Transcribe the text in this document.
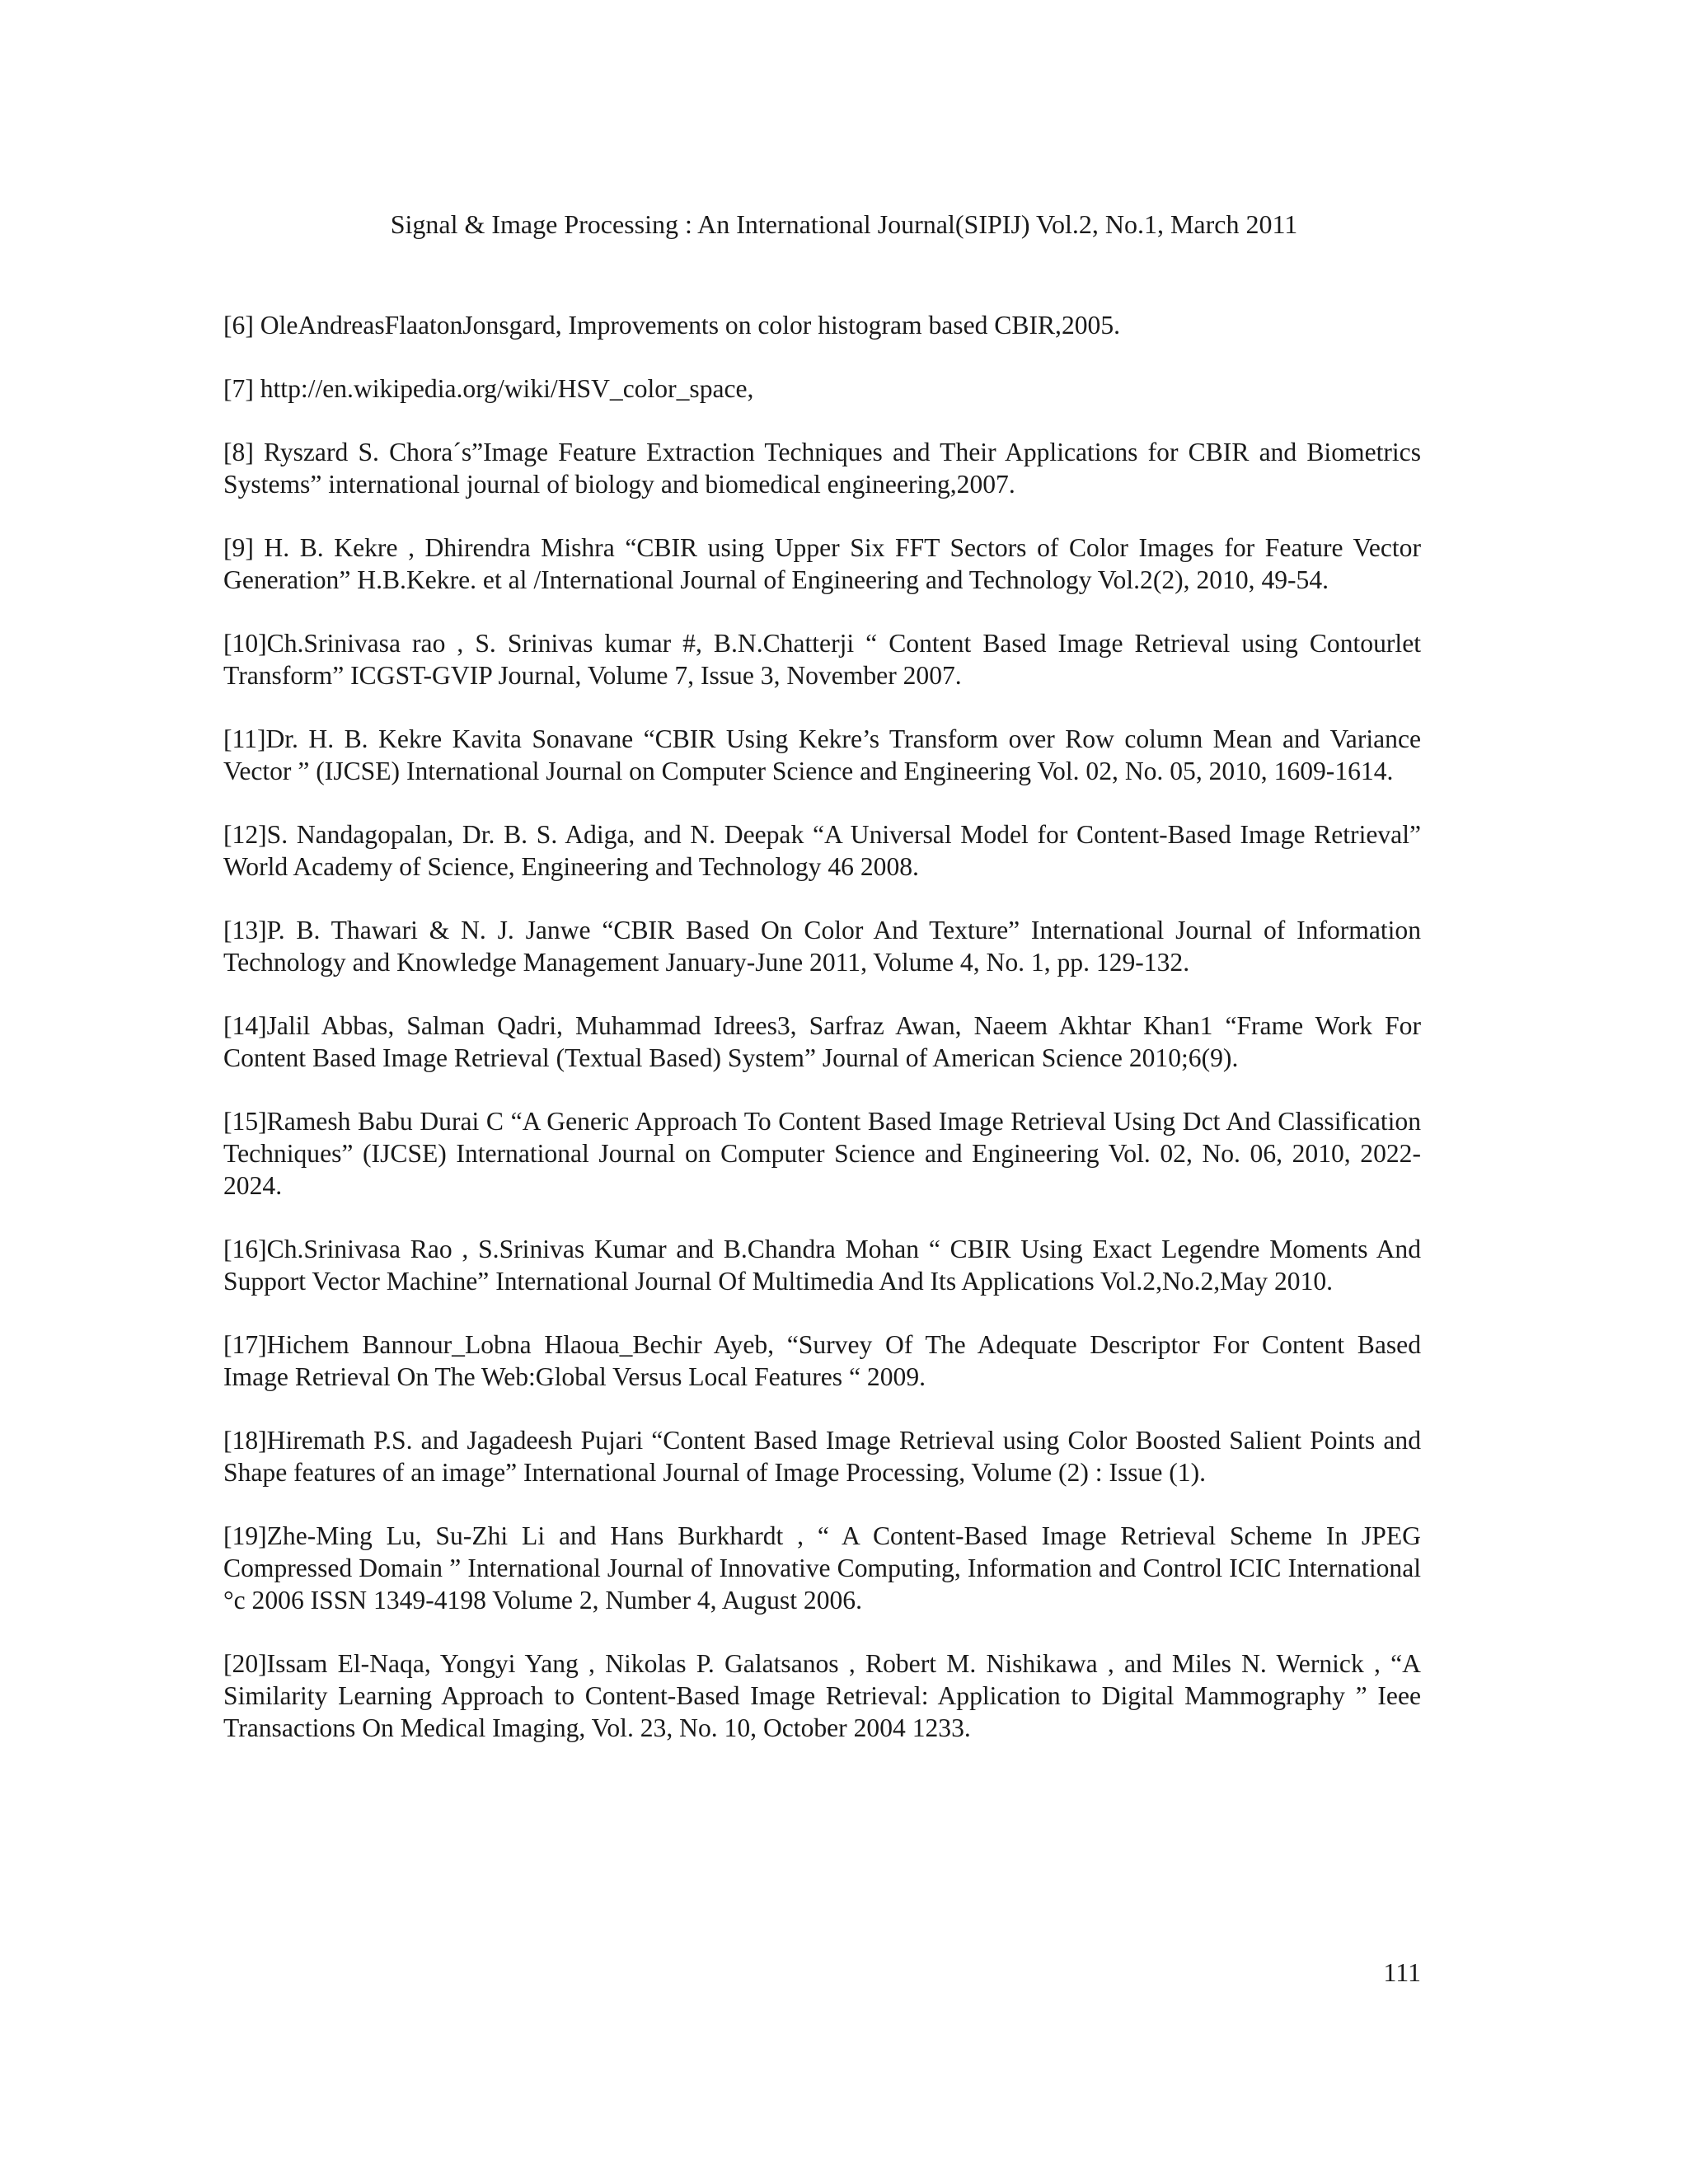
Signal & Image Processing : An International Journal(SIPIJ) Vol.2, No.1, March 2011

[6] OleAndreasFlaatonJonsgard, Improvements on color histogram based CBIR,2005.
[7] http://en.wikipedia.org/wiki/HSV_color_space,
[8] Ryszard S. Chora´s”Image Feature Extraction Techniques and Their Applications for CBIR and Biometrics Systems” international journal of biology and biomedical engineering,2007.
[9] H. B. Kekre , Dhirendra Mishra “CBIR using Upper Six FFT Sectors of Color Images for Feature Vector Generation” H.B.Kekre. et al /International Journal of Engineering and Technology Vol.2(2), 2010, 49-54.
[10]Ch.Srinivasa rao , S. Srinivas kumar #, B.N.Chatterji “ Content Based Image Retrieval using Contourlet Transform” ICGST-GVIP Journal, Volume 7, Issue 3, November 2007.
[11]Dr. H. B. Kekre Kavita Sonavane “CBIR Using Kekre’s Transform over Row column Mean and Variance Vector ” (IJCSE) International Journal on Computer Science and Engineering Vol. 02, No. 05, 2010, 1609-1614.
[12]S. Nandagopalan, Dr. B. S. Adiga, and N. Deepak “A Universal Model for Content-Based Image Retrieval” World Academy of Science, Engineering and Technology 46 2008.
[13]P. B. Thawari & N. J. Janwe “CBIR Based On Color And Texture” International Journal of Information Technology and Knowledge Management January-June 2011, Volume 4, No. 1, pp. 129-132.
[14]Jalil Abbas, Salman Qadri, Muhammad Idrees3, Sarfraz Awan, Naeem Akhtar Khan1 “Frame Work For Content Based Image Retrieval (Textual Based) System” Journal of American Science 2010;6(9).
[15]Ramesh Babu Durai C “A Generic Approach To Content Based Image Retrieval Using Dct And Classification Techniques” (IJCSE) International Journal on Computer Science and Engineering Vol. 02, No. 06, 2010, 2022-2024.
[16]Ch.Srinivasa Rao , S.Srinivas Kumar and B.Chandra Mohan “ CBIR Using Exact Legendre Moments And Support Vector Machine” International Journal Of Multimedia And Its Applications Vol.2,No.2,May 2010.
[17]Hichem Bannour_Lobna Hlaoua_Bechir Ayeb, “Survey Of The Adequate Descriptor For Content Based Image Retrieval On The Web:Global Versus Local Features “ 2009.
[18]Hiremath P.S. and Jagadeesh Pujari “Content Based Image Retrieval using Color Boosted Salient Points and Shape features of an image” International Journal of Image Processing, Volume (2) : Issue (1).
[19]Zhe-Ming Lu, Su-Zhi Li and Hans Burkhardt , “ A Content-Based Image Retrieval Scheme In JPEG Compressed Domain ” International Journal of Innovative Computing, Information and Control ICIC International °c 2006 ISSN 1349-4198 Volume 2, Number 4, August 2006.
[20]Issam El-Naqa, Yongyi Yang , Nikolas P. Galatsanos , Robert M. Nishikawa , and Miles N. Wernick , “A Similarity Learning Approach to Content-Based Image Retrieval: Application to Digital Mammography ” Ieee Transactions On Medical Imaging, Vol. 23, No. 10, October 2004 1233.

111
